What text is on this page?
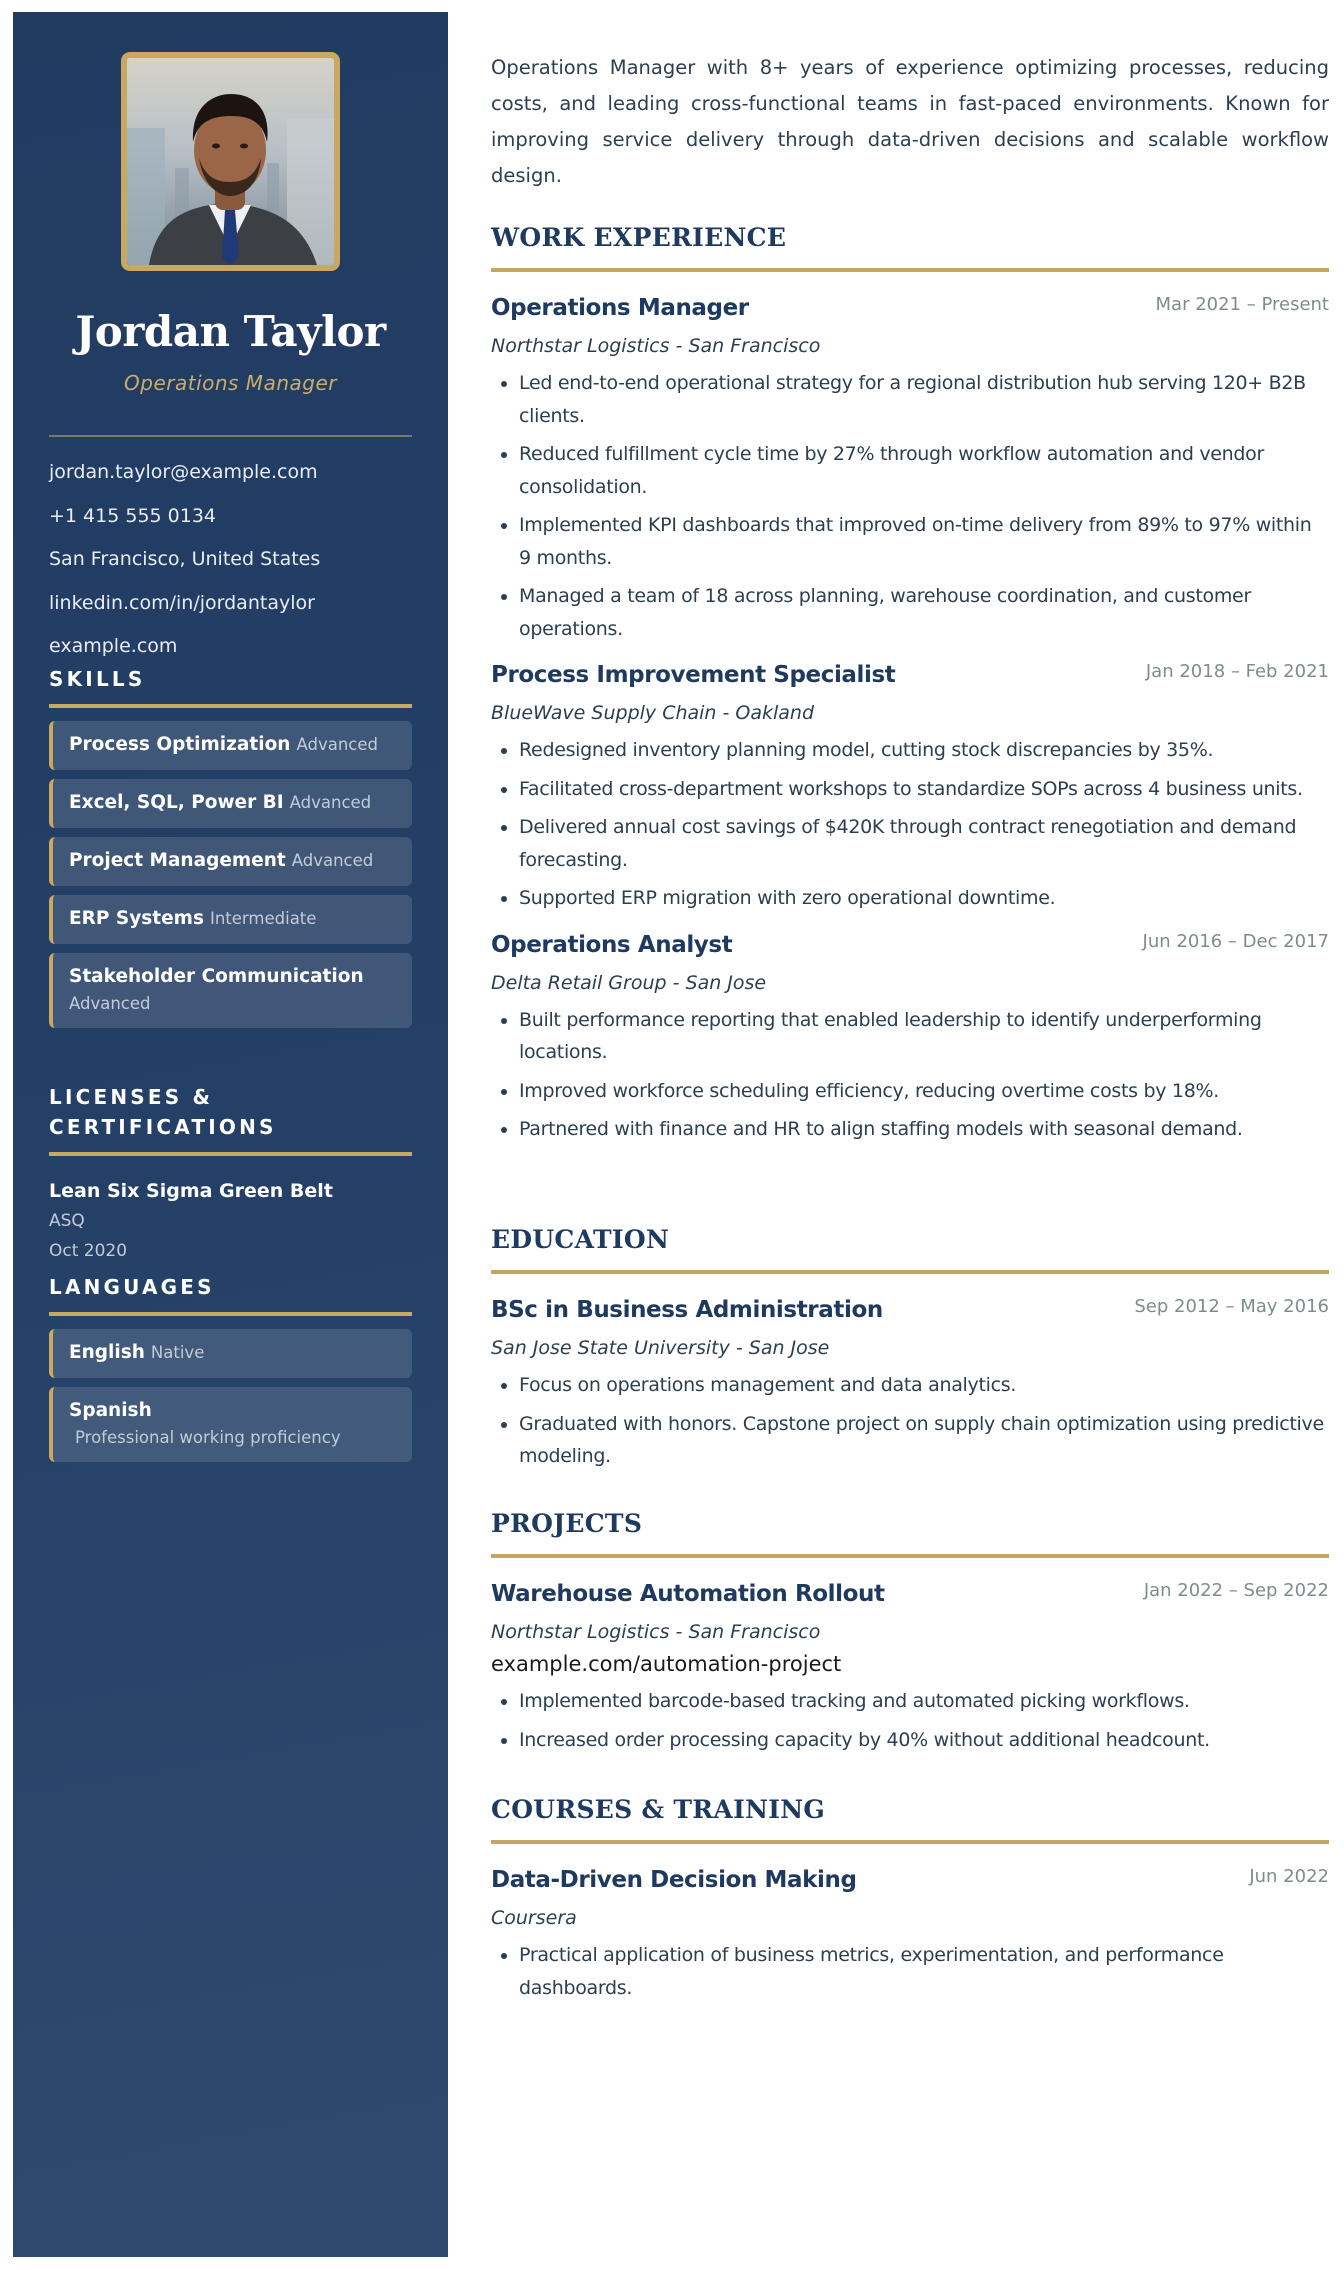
Jordan Taylor
Operations Manager
jordan.taylor@example.com
+1 415 555 0134
San Francisco, United States
linkedin.com/in/jordantaylor
example.com
SKILLS
Process Optimization Advanced
Excel, SQL, Power BI Advanced
Project Management Advanced
ERP Systems Intermediate
Stakeholder Communication
Advanced
LICENSES & CERTIFICATIONS
Lean Six Sigma Green Belt
ASQ
Oct 2020
LANGUAGES
English Native
Spanish
Professional working proficiency

Operations Manager with 8+ years of experience optimizing processes, reducing costs, and leading cross-functional teams in fast-paced environments. Known for improving service delivery through data-driven decisions and scalable workflow design.

WORK EXPERIENCE
Operations Manager	Mar 2021 – Present
Northstar Logistics - San Francisco
Led end-to-end operational strategy for a regional distribution hub serving 120+ B2B clients.
Reduced fulfillment cycle time by 27% through workflow automation and vendor consolidation.
Implemented KPI dashboards that improved on-time delivery from 89% to 97% within 9 months.
Managed a team of 18 across planning, warehouse coordination, and customer operations.
Process Improvement Specialist	Jan 2018 – Feb 2021
BlueWave Supply Chain - Oakland
Redesigned inventory planning model, cutting stock discrepancies by 35%.
Facilitated cross-department workshops to standardize SOPs across 4 business units.
Delivered annual cost savings of $420K through contract renegotiation and demand forecasting.
Supported ERP migration with zero operational downtime.
Operations Analyst	Jun 2016 – Dec 2017
Delta Retail Group - San Jose
Built performance reporting that enabled leadership to identify underperforming locations.
Improved workforce scheduling efficiency, reducing overtime costs by 18%.
Partnered with finance and HR to align staffing models with seasonal demand.
EDUCATION
BSc in Business Administration	Sep 2012 – May 2016
San Jose State University - San Jose
Focus on operations management and data analytics.
Graduated with honors. Capstone project on supply chain optimization using predictive modeling.
PROJECTS
Warehouse Automation Rollout	Jan 2022 – Sep 2022
Northstar Logistics - San Francisco
example.com/automation-project
Implemented barcode-based tracking and automated picking workflows.
Increased order processing capacity by 40% without additional headcount.
COURSES & TRAINING
Data-Driven Decision Making	Jun 2022
Coursera
Practical application of business metrics, experimentation, and performance dashboards.
